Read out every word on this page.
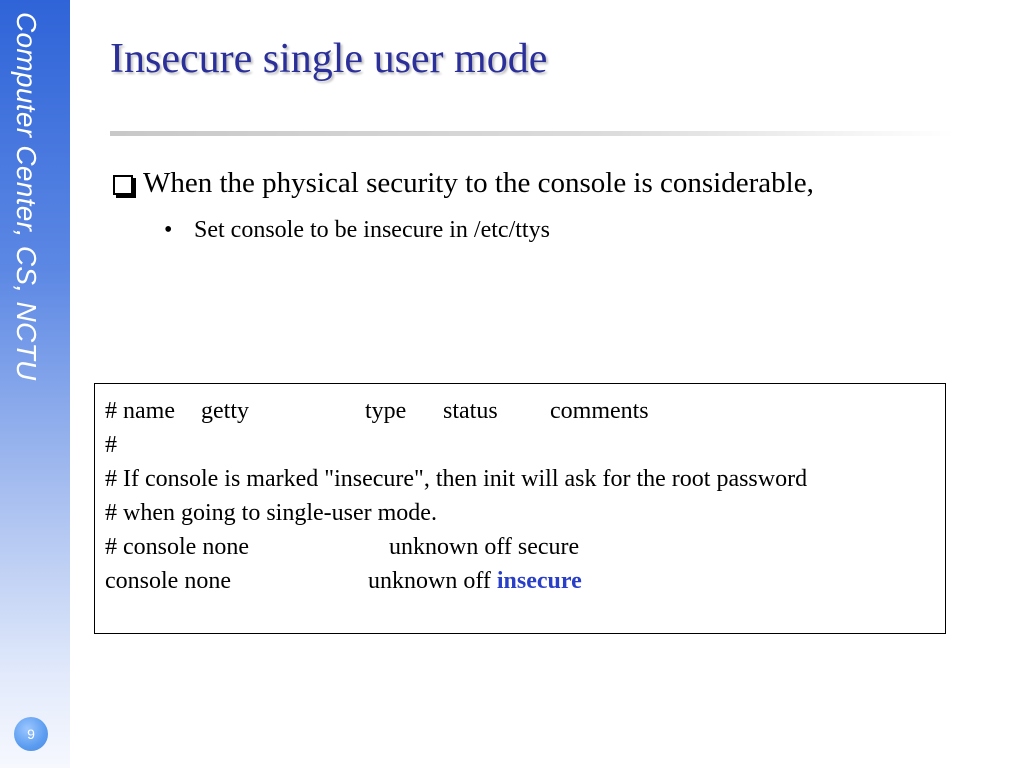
Computer Center, CS, NCTU
9
Insecure single user mode
When the physical security to the console is considerable,
• Set console to be insecure in /etc/ttys
# name getty	type status comments
#
# If console is marked "insecure", then init will ask for the root password
# when going to single-user mode.
# console none	unknown off secure
console none	unknown off insecure
